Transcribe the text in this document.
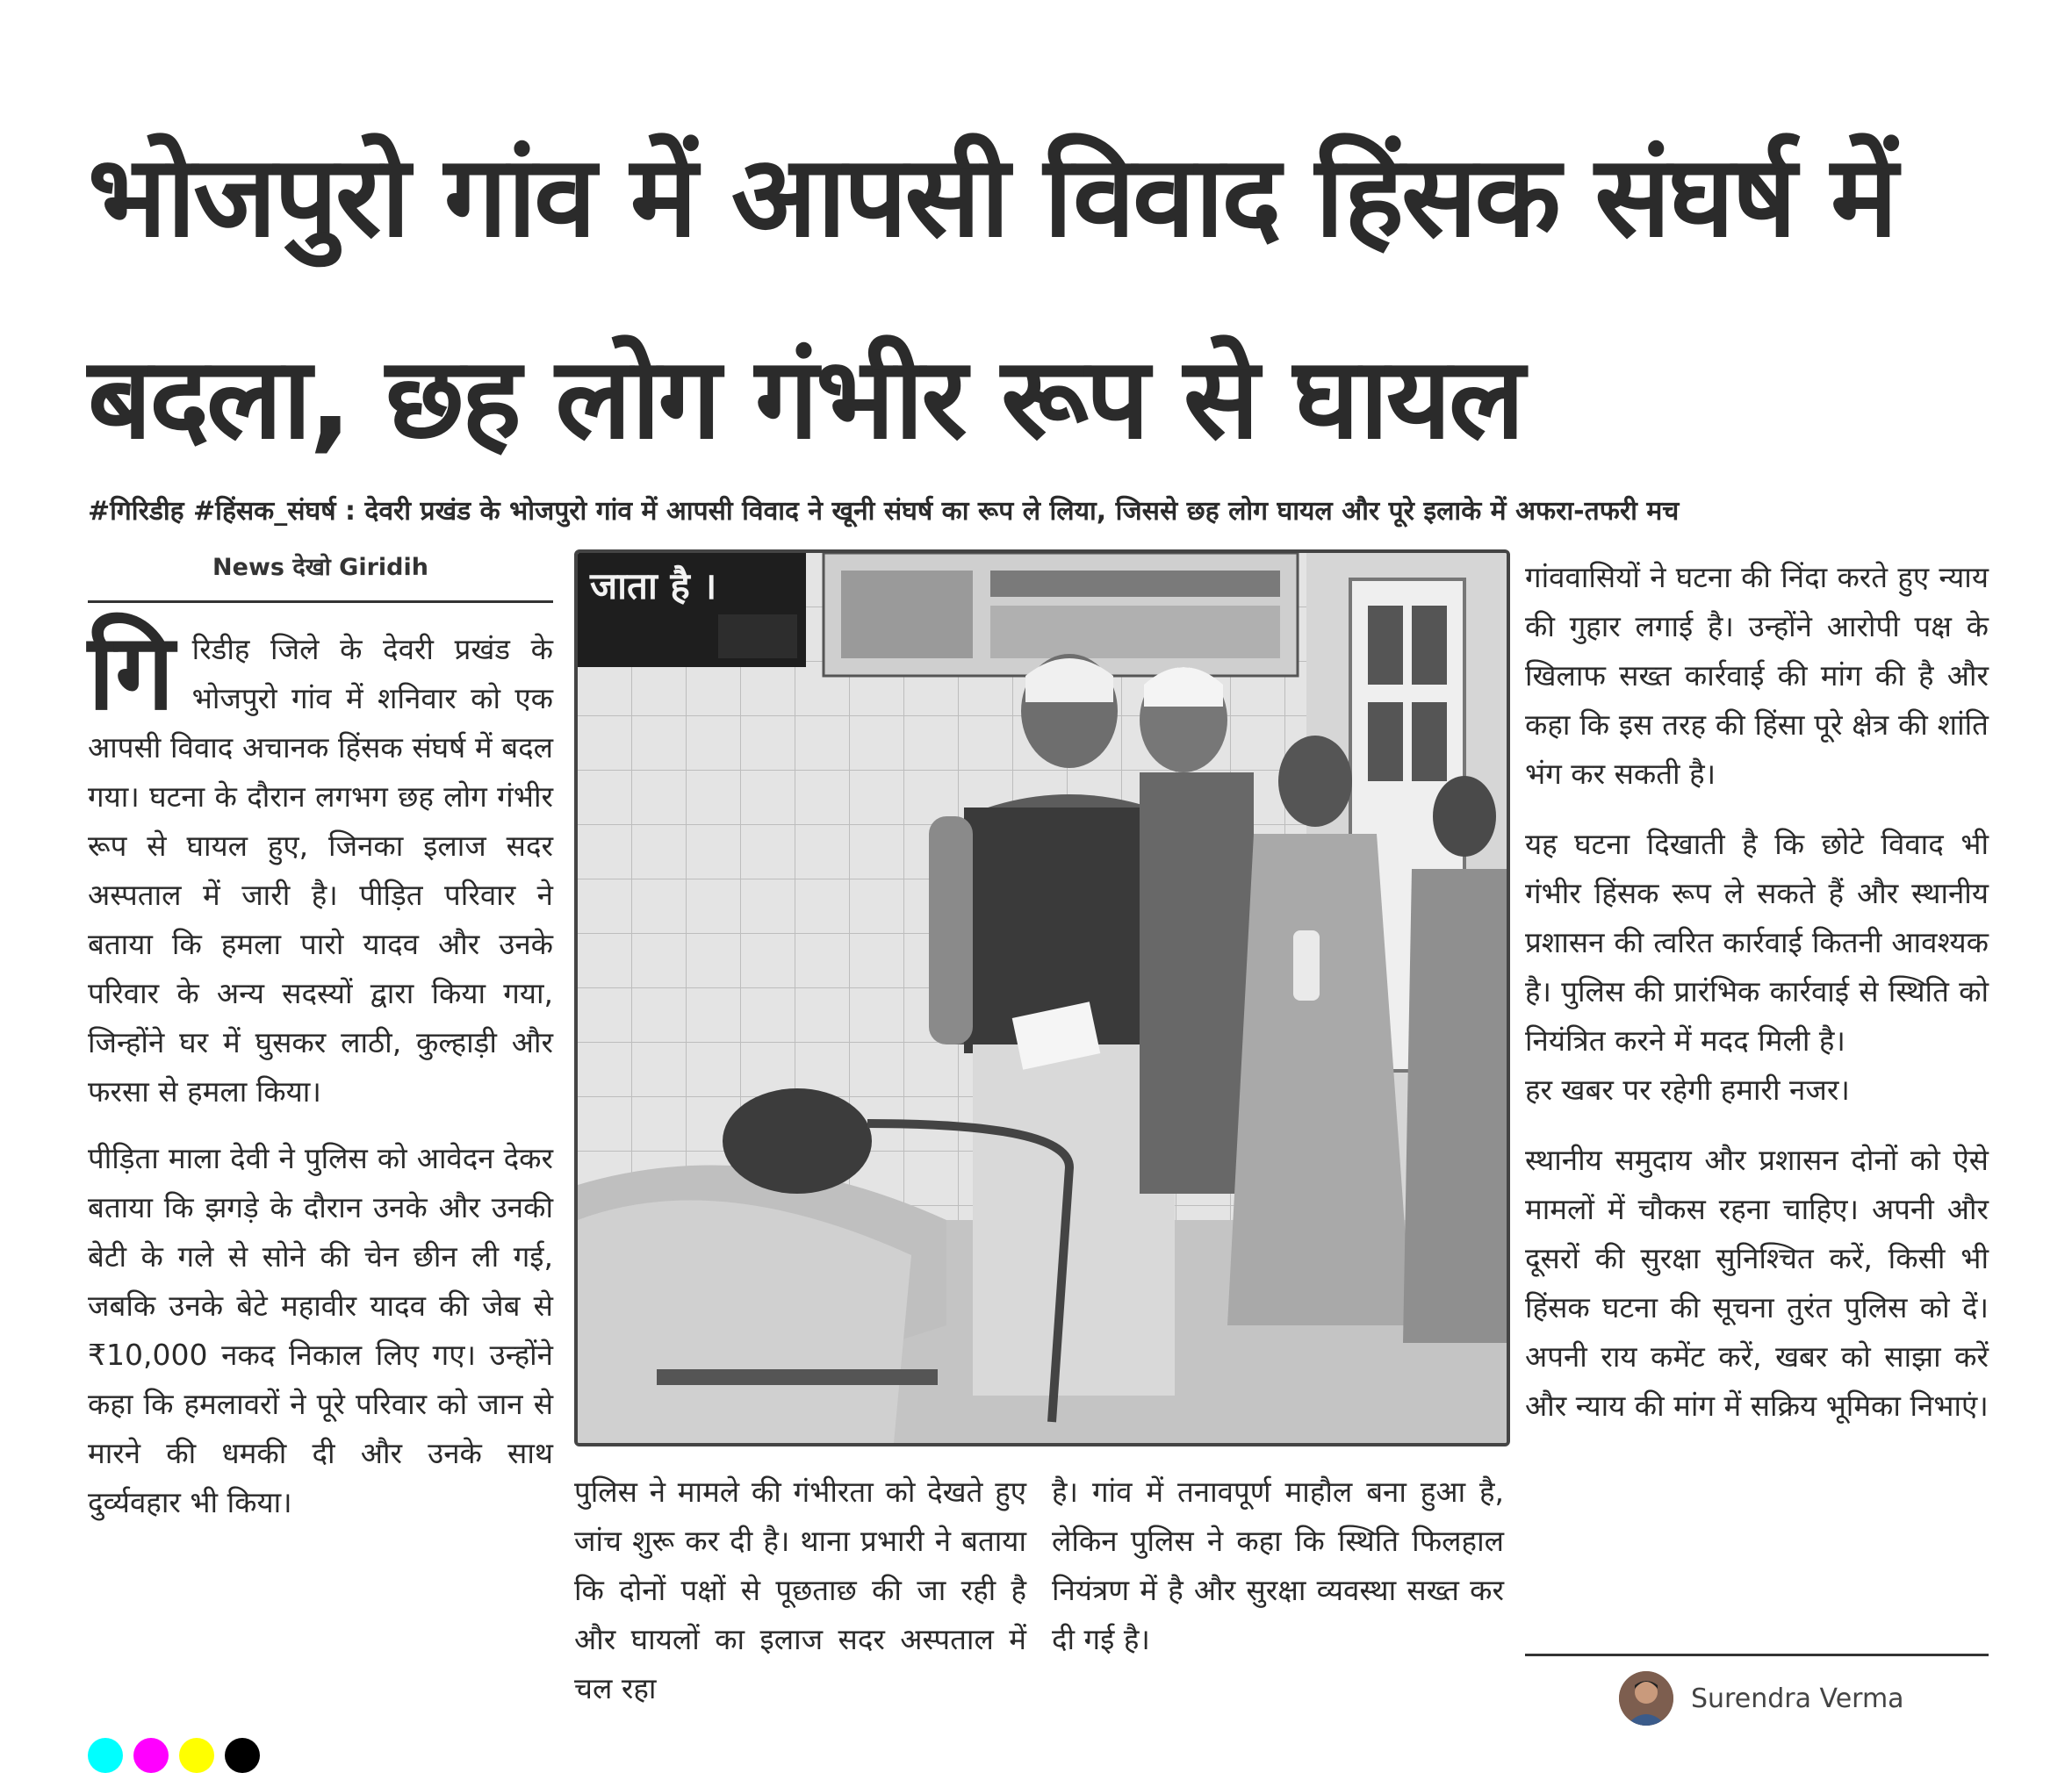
भोजपुरो गांव में आपसी विवाद हिंसक संघर्ष में बदला, छह लोग गंभीर रूप से घायल
#गिरिडीह #हिंसक_संघर्ष : देवरी प्रखंड के भोजपुरो गांव में आपसी विवाद ने खूनी संघर्ष का रूप ले लिया, जिससे छह लोग घायल और पूरे इलाके में अफरा-तफरी मच
News देखो Giridih

गिरिडीह जिले के देवरी प्रखंड के भोजपुरो गांव में शनिवार को एक आपसी विवाद अचानक हिंसक संघर्ष में बदल गया। घटना के दौरान लगभग छह लोग गंभीर रूप से घायल हुए, जिनका इलाज सदर अस्पताल में जारी है। पीड़ित परिवार ने बताया कि हमला पारो यादव और उनके परिवार के अन्य सदस्यों द्वारा किया गया, जिन्होंने घर में घुसकर लाठी, कुल्हाड़ी और फरसा से हमला किया।

पीड़िता माला देवी ने पुलिस को आवेदन देकर बताया कि झगड़े के दौरान उनके और उनकी बेटी के गले से सोने की चेन छीन ली गई, जबकि उनके बेटे महावीर यादव की जेब से ₹10,000 नकद निकाल लिए गए। उन्होंने कहा कि हमलावरों ने पूरे परिवार को जान से मारने की धमकी दी और उनके साथ दुर्व्यवहार भी किया।

जाता है ।

पुलिस ने मामले की गंभीरता को देखते हुए जांच शुरू कर दी है। थाना प्रभारी ने बताया कि दोनों पक्षों से पूछताछ की जा रही है और घायलों का इलाज सदर अस्पताल में चल रहा

है। गांव में तनावपूर्ण माहौल बना हुआ है, लेकिन पुलिस ने कहा कि स्थिति फिलहाल नियंत्रण में है और सुरक्षा व्यवस्था सख्त कर दी गई है।

गांववासियों ने घटना की निंदा करते हुए न्याय की गुहार लगाई है। उन्होंने आरोपी पक्ष के खिलाफ सख्त कार्रवाई की मांग की है और कहा कि इस तरह की हिंसा पूरे क्षेत्र की शांति भंग कर सकती है।

यह घटना दिखाती है कि छोटे विवाद भी गंभीर हिंसक रूप ले सकते हैं और स्थानीय प्रशासन की त्वरित कार्रवाई कितनी आवश्यक है। पुलिस की प्रारंभिक कार्रवाई से स्थिति को नियंत्रित करने में मदद मिली है।
हर खबर पर रहेगी हमारी नजर।

स्थानीय समुदाय और प्रशासन दोनों को ऐसे मामलों में चौकस रहना चाहिए। अपनी और दूसरों की सुरक्षा सुनिश्चित करें, किसी भी हिंसक घटना की सूचना तुरंत पुलिस को दें। अपनी राय कमेंट करें, खबर को साझा करें और न्याय की मांग में सक्रिय भूमिका निभाएं।

Surendra Verma
